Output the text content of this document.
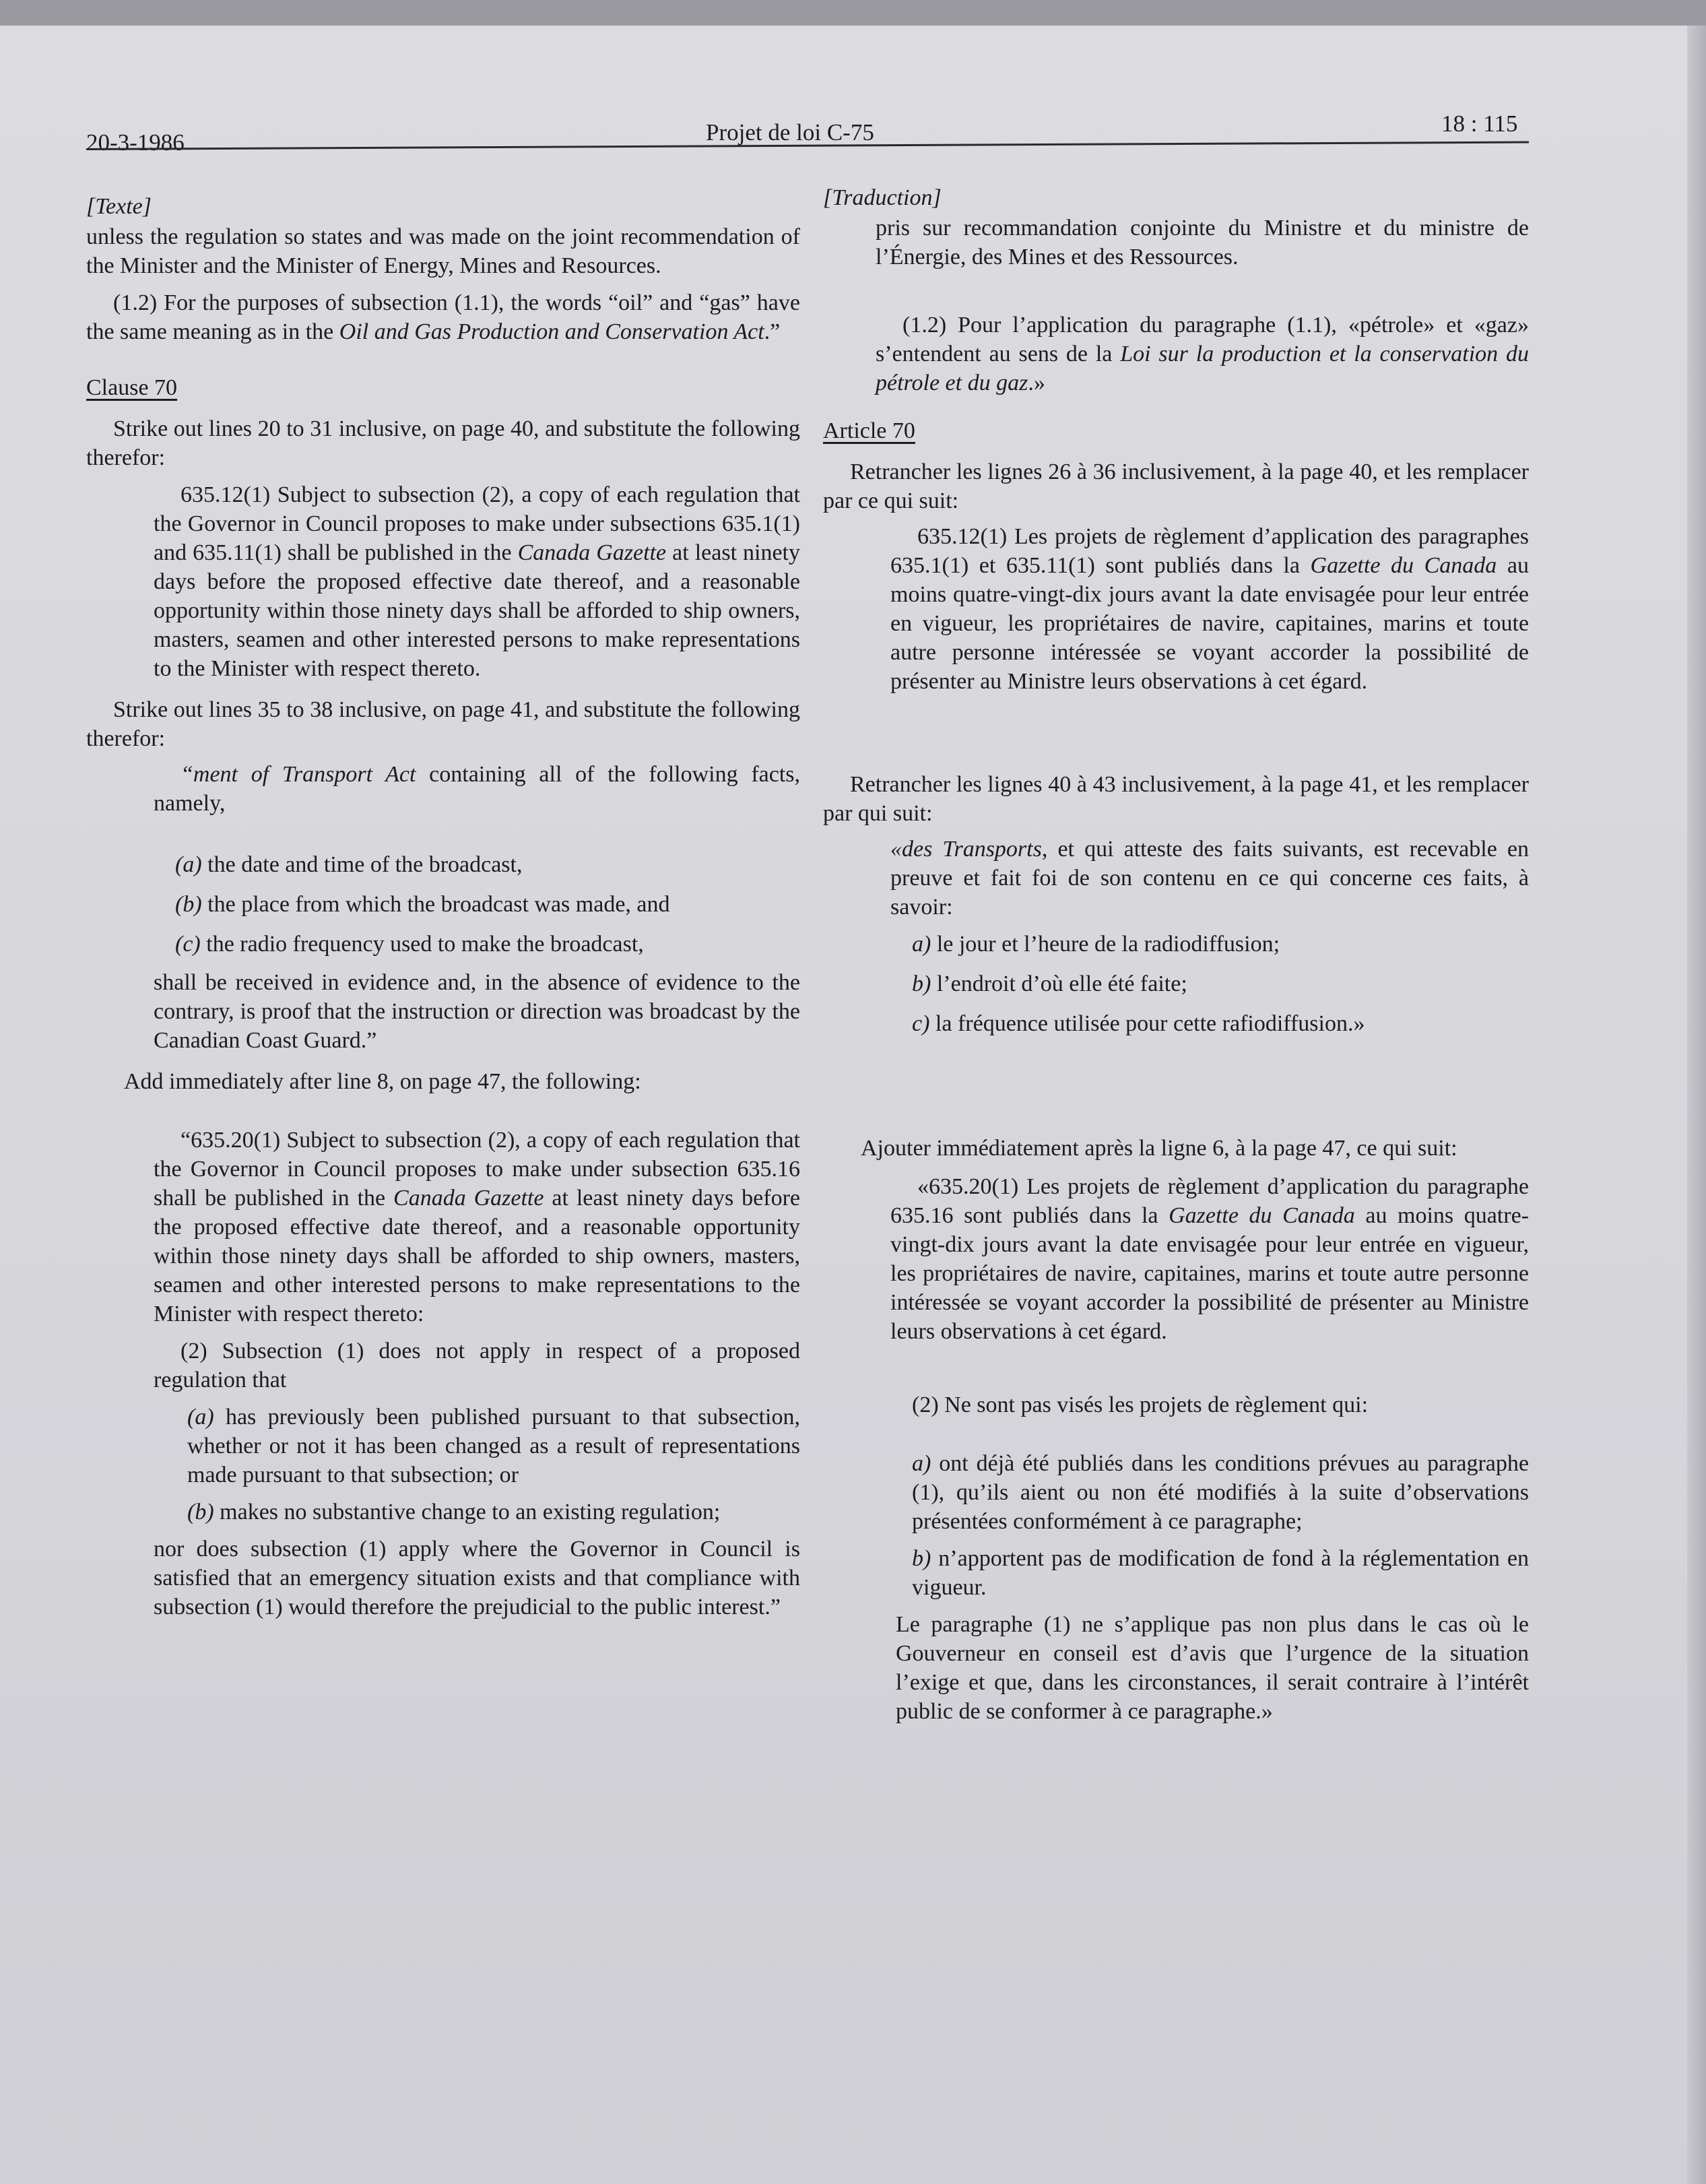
20-3-1986	Projet de loi C-75	18 : 115

[Texte]

unless the regulation so states and was made on the joint recommendation of the Minister and the Minister of Energy, Mines and Resources.

(1.2) For the purposes of subsection (1.1), the words “oil” and “gas” have the same meaning as in the Oil and Gas Production and Conservation Act.”

Clause 70

Strike out lines 20 to 31 inclusive, on page 40, and substitute the following therefor:

635.12(1) Subject to subsection (2), a copy of each regulation that the Governor in Council proposes to make under subsections 635.1(1) and 635.11(1) shall be published in the Canada Gazette at least ninety days before the proposed effective date thereof, and a reasonable opportunity within those ninety days shall be afforded to ship owners, masters, seamen and other interested persons to make representations to the Minister with respect thereto.

Strike out lines 35 to 38 inclusive, on page 41, and substitute the following therefor:

“ment of Transport Act containing all of the following facts, namely,

(a) the date and time of the broadcast,

(b) the place from which the broadcast was made, and

(c) the radio frequency used to make the broadcast,

shall be received in evidence and, in the absence of evidence to the contrary, is proof that the instruction or direction was broadcast by the Canadian Coast Guard.”

Add immediately after line 8, on page 47, the following:

“635.20(1) Subject to subsection (2), a copy of each regulation that the Governor in Council proposes to make under subsection 635.16 shall be published in the Canada Gazette at least ninety days before the proposed effective date thereof, and a reasonable opportunity within those ninety days shall be afforded to ship owners, masters, seamen and other interested persons to make representations to the Minister with respect thereto:

(2) Subsection (1) does not apply in respect of a proposed regulation that

(a) has previously been published pursuant to that subsection, whether or not it has been changed as a result of representations made pursuant to that subsection; or

(b) makes no substantive change to an existing regulation;

nor does subsection (1) apply where the Governor in Council is satisfied that an emergency situation exists and that compliance with subsection (1) would therefore the prejudicial to the public interest.”

[Traduction]

pris sur recommandation conjointe du Ministre et du ministre de l’Énergie, des Mines et des Ressources.

(1.2) Pour l’application du paragraphe (1.1), «pétrole» et «gaz» s’entendent au sens de la Loi sur la production et la conservation du pétrole et du gaz.»

Article 70

Retrancher les lignes 26 à 36 inclusivement, à la page 40, et les remplacer par ce qui suit:

635.12(1) Les projets de règlement d’application des paragraphes 635.1(1) et 635.11(1) sont publiés dans la Gazette du Canada au moins quatre-vingt-dix jours avant la date envisagée pour leur entrée en vigueur, les propriétaires de navire, capitaines, marins et toute autre personne intéressée se voyant accorder la possibilité de présenter au Ministre leurs observations à cet égard.

Retrancher les lignes 40 à 43 inclusivement, à la page 41, et les remplacer par qui suit:

«des Transports, et qui atteste des faits suivants, est recevable en preuve et fait foi de son contenu en ce qui concerne ces faits, à savoir:

a) le jour et l’heure de la radiodiffusion;

b) l’endroit d’où elle été faite;

c) la fréquence utilisée pour cette rafiodiffusion.»

Ajouter immédiatement après la ligne 6, à la page 47, ce qui suit:

«635.20(1) Les projets de règlement d’application du paragraphe 635.16 sont publiés dans la Gazette du Canada au moins quatre-vingt-dix jours avant la date envisagée pour leur entrée en vigueur, les propriétaires de navire, capitaines, marins et toute autre personne intéressée se voyant accorder la possibilité de présenter au Ministre leurs observations à cet égard.

(2) Ne sont pas visés les projets de règlement qui:

a) ont déjà été publiés dans les conditions prévues au paragraphe (1), qu’ils aient ou non été modifiés à la suite d’observations présentées conformément à ce paragraphe;

b) n’apportent pas de modification de fond à la réglementation en vigueur.

Le paragraphe (1) ne s’applique pas non plus dans le cas où le Gouverneur en conseil est d’avis que l’urgence de la situation l’exige et que, dans les circonstances, il serait contraire à l’intérêt public de se conformer à ce paragraphe.»
